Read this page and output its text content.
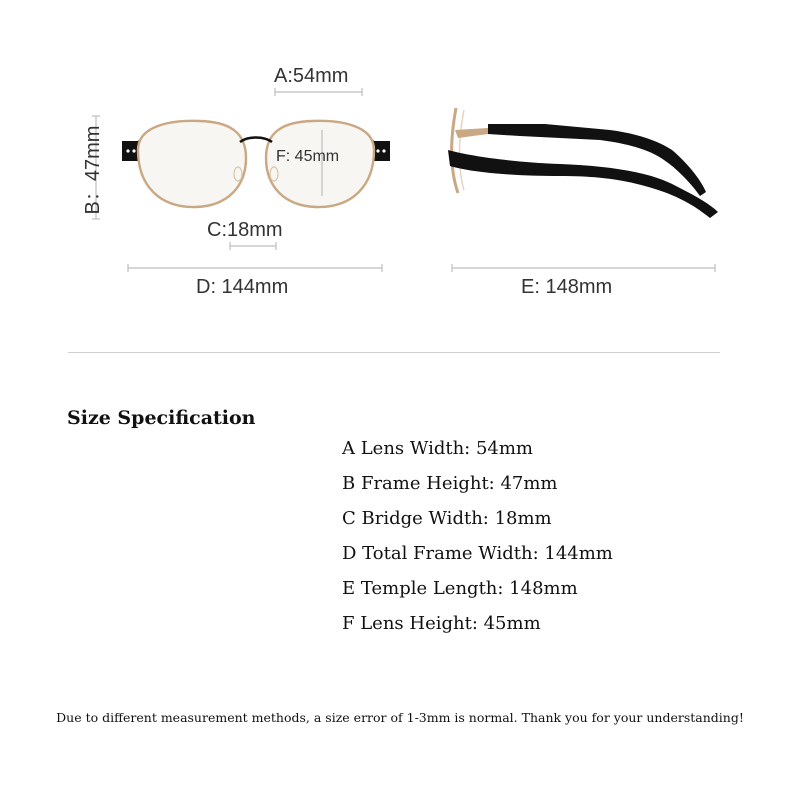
A:54mm
B：47mm	F: 45mm
C:18mm
D: 144mm	E: 148mm
Size Specification
A Lens Width: 54mm
B Frame Height: 47mm
C Bridge Width: 18mm
D Total Frame Width: 144mm
E Temple Length: 148mm
F Lens Height: 45mm
Due to different measurement methods, a size error of 1-3mm is normal. Thank you for your understanding!
